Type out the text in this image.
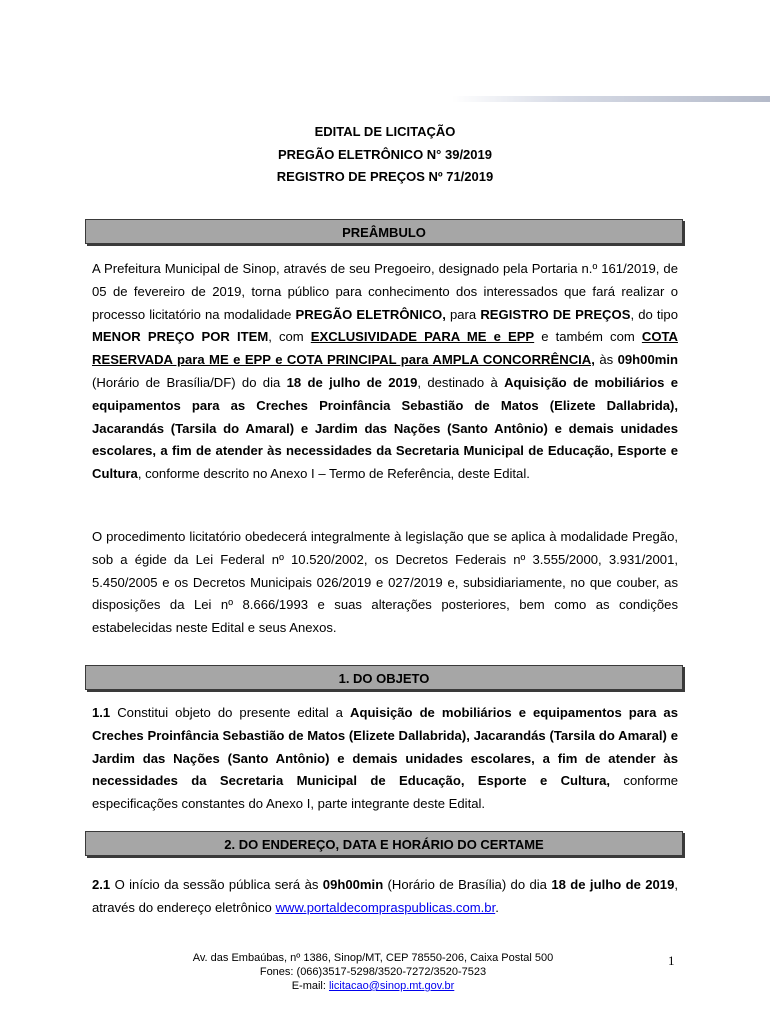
EDITAL DE LICITAÇÃO
PREGÃO ELETRÔNICO N° 39/2019
REGISTRO DE PREÇOS Nº 71/2019
PREÂMBULO
A Prefeitura Municipal de Sinop, através de seu Pregoeiro, designado pela Portaria n.º 161/2019, de 05 de fevereiro de 2019, torna público para conhecimento dos interessados que fará realizar o processo licitatório na modalidade PREGÃO ELETRÔNICO, para REGISTRO DE PREÇOS, do tipo MENOR PREÇO POR ITEM, com EXCLUSIVIDADE PARA ME e EPP e também com COTA RESERVADA para ME e EPP e COTA PRINCIPAL para AMPLA CONCORRÊNCIA, às 09h00min (Horário de Brasília/DF) do dia 18 de julho de 2019, destinado à Aquisição de mobiliários e equipamentos para as Creches Proinfância Sebastião de Matos (Elizete Dallabrida), Jacarandás (Tarsila do Amaral) e Jardim das Nações (Santo Antônio) e demais unidades escolares, a fim de atender às necessidades da Secretaria Municipal de Educação, Esporte e Cultura, conforme descrito no Anexo I – Termo de Referência, deste Edital.
O procedimento licitatório obedecerá integralmente à legislação que se aplica à modalidade Pregão, sob a égide da Lei Federal nº 10.520/2002, os Decretos Federais nº 3.555/2000, 3.931/2001, 5.450/2005 e os Decretos Municipais 026/2019 e 027/2019 e, subsidiariamente, no que couber, as disposições da Lei nº 8.666/1993 e suas alterações posteriores, bem como as condições estabelecidas neste Edital e seus Anexos.
1. DO OBJETO
1.1 Constitui objeto do presente edital a Aquisição de mobiliários e equipamentos para as Creches Proinfância Sebastião de Matos (Elizete Dallabrida), Jacarandás (Tarsila do Amaral) e Jardim das Nações (Santo Antônio) e demais unidades escolares, a fim de atender às necessidades da Secretaria Municipal de Educação, Esporte e Cultura, conforme especificações constantes do Anexo I, parte integrante deste Edital.
2. DO ENDEREÇO, DATA E HORÁRIO DO CERTAME
2.1 O início da sessão pública será às 09h00min (Horário de Brasília) do dia 18 de julho de 2019, através do endereço eletrônico www.portaldecompraspublicas.com.br.
Av. das Embaúbas, nº 1386, Sinop/MT, CEP 78550-206, Caixa Postal 500
Fones: (066)3517-5298/3520-7272/3520-7523
E-mail: licitacao@sinop.mt.gov.br
1
